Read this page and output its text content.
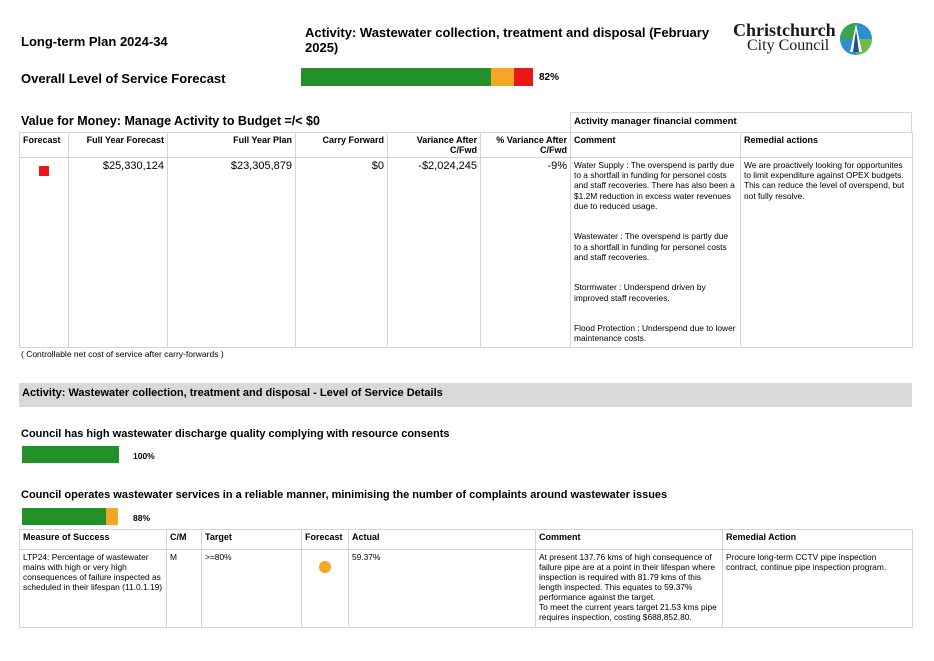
Long-term Plan 2024-34
Activity: Wastewater collection, treatment and disposal (February 2025)
Christchurch
City Council
Overall Level of Service Forecast	82%
Value for Money: Manage Activity to Budget =/< $0	Activity manager financial comment
Forecast	Full Year Forecast	Full Year Plan	Carry Forward	Variance After C/Fwd	% Variance After C/Fwd	Comment	Remedial actions

	$25,330,124	$23,305,879	$0	-$2,024,245	-9%	Water Supply : The overspend is partly due to a shortfall in funding for personel costs and staff recoveries. There has also been a $1.2M reduction in excess water revenues due to reduced usage.

Wastewater : The overspend is partly due to a shortfall in funding for personel costs and staff recoveries.

Stormwater : Underspend driven by improved staff recoveries.

Flood Protection : Underspend due to lower maintenance costs.	We are proactively looking for opportunites to limit expenditure against OPEX budgets. This can reduce the level of overspend, but not fully resolve.
( Controllable net cost of service after carry-forwards )
Activity: Wastewater collection, treatment and disposal - Level of Service Details
Council has high wastewater discharge quality complying with resource consents
100%
Council operates wastewater services in a reliable manner, minimising the number of complaints around wastewater issues
88%
Measure of Success	C/M	Target	Forecast	Actual	Comment	Remedial Action
LTP24: Percentage of wastewater mains with high or very high consequences of failure inspected as scheduled in their lifespan (11.0.1.19)	M	>=80%		59.37%	At present 137.76 kms of high consequence of failure pipe are at a point in their lifespan where inspection is required with 81.79 kms of this length inspected. This equates to 59.37% performance against the target.
To meet the current years target 21.53 kms pipe requires inspection, costing $688,852.80.	Procure long-term CCTV pipe inspection contract, continue pipe inspection program.
